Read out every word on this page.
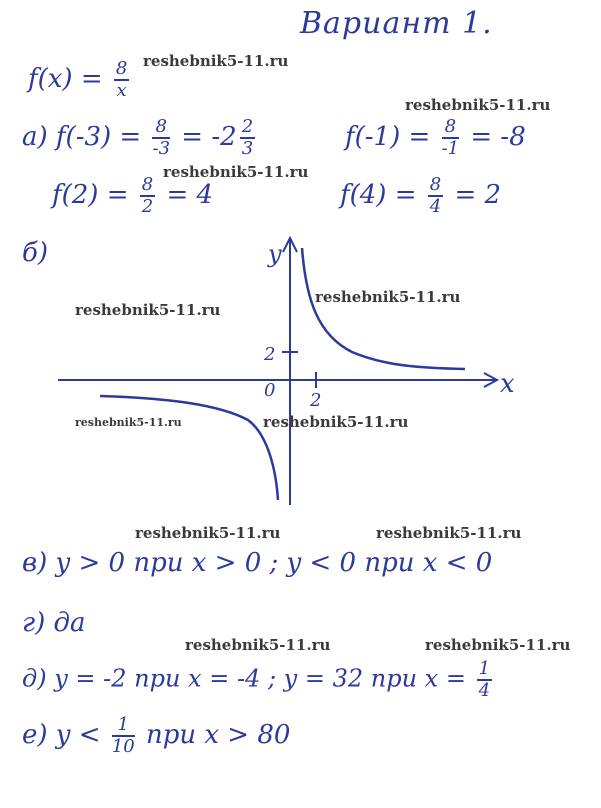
Вариант 1.
$f(x) = \frac{8}{x}$
а) $f(-3) = \frac{8}{-3} = -2 \frac{2}{3}$	$f(-1) = \frac{8}{-1} = -8$
$f(2) = \frac{8}{2} = 4$	$f(4) = \frac{8}{4} = 2$
б)	y
x
0
2
2
в) y > 0 при x > 0 ; y < 0 при x < 0
г) да
д) y = -2 при x = -4 ; y = 32 при $x = \frac{1}{4}$
е) $y < \frac{1}{10}$ при x > 80
reshebnik5-11.ru
reshebnik5-11.ru
reshebnik5-11.ru
reshebnik5-11.ru
reshebnik5-11.ru
reshebnik5-11.ru	reshebnik5-11.ru
reshebnik5-11.ru	reshebnik5-11.ru
reshebnik5-11.ru	reshebnik5-11.ru
